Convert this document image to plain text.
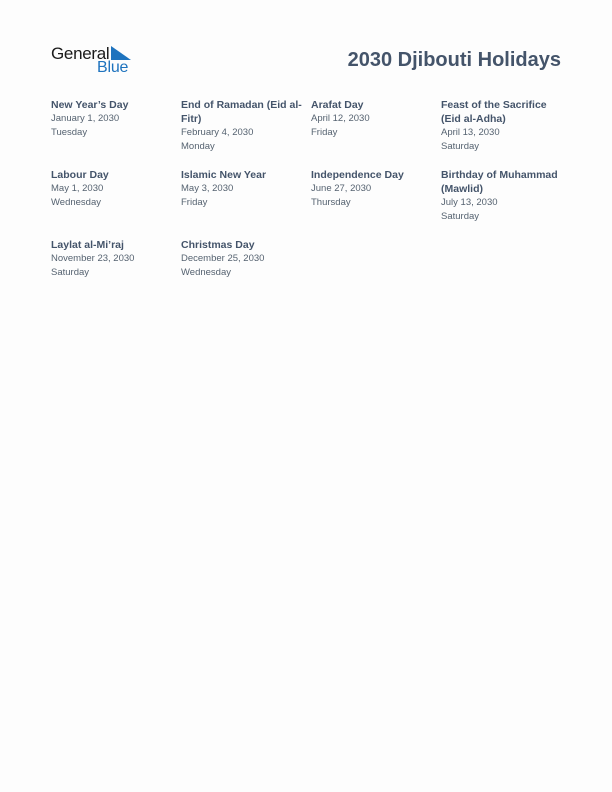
General
Blue	2030 Djibouti Holidays
New Year’s Day
January 1, 2030
Tuesday
End of Ramadan (Eid al-Fitr)
February 4, 2030
Monday
Arafat Day
April 12, 2030
Friday
Feast of the Sacrifice (Eid al-Adha)
April 13, 2030
Saturday
Labour Day
May 1, 2030
Wednesday
Islamic New Year
May 3, 2030
Friday
Independence Day
June 27, 2030
Thursday
Birthday of Muhammad (Mawlid)
July 13, 2030
Saturday
Laylat al-Mi’raj
November 23, 2030
Saturday
Christmas Day
December 25, 2030
Wednesday
